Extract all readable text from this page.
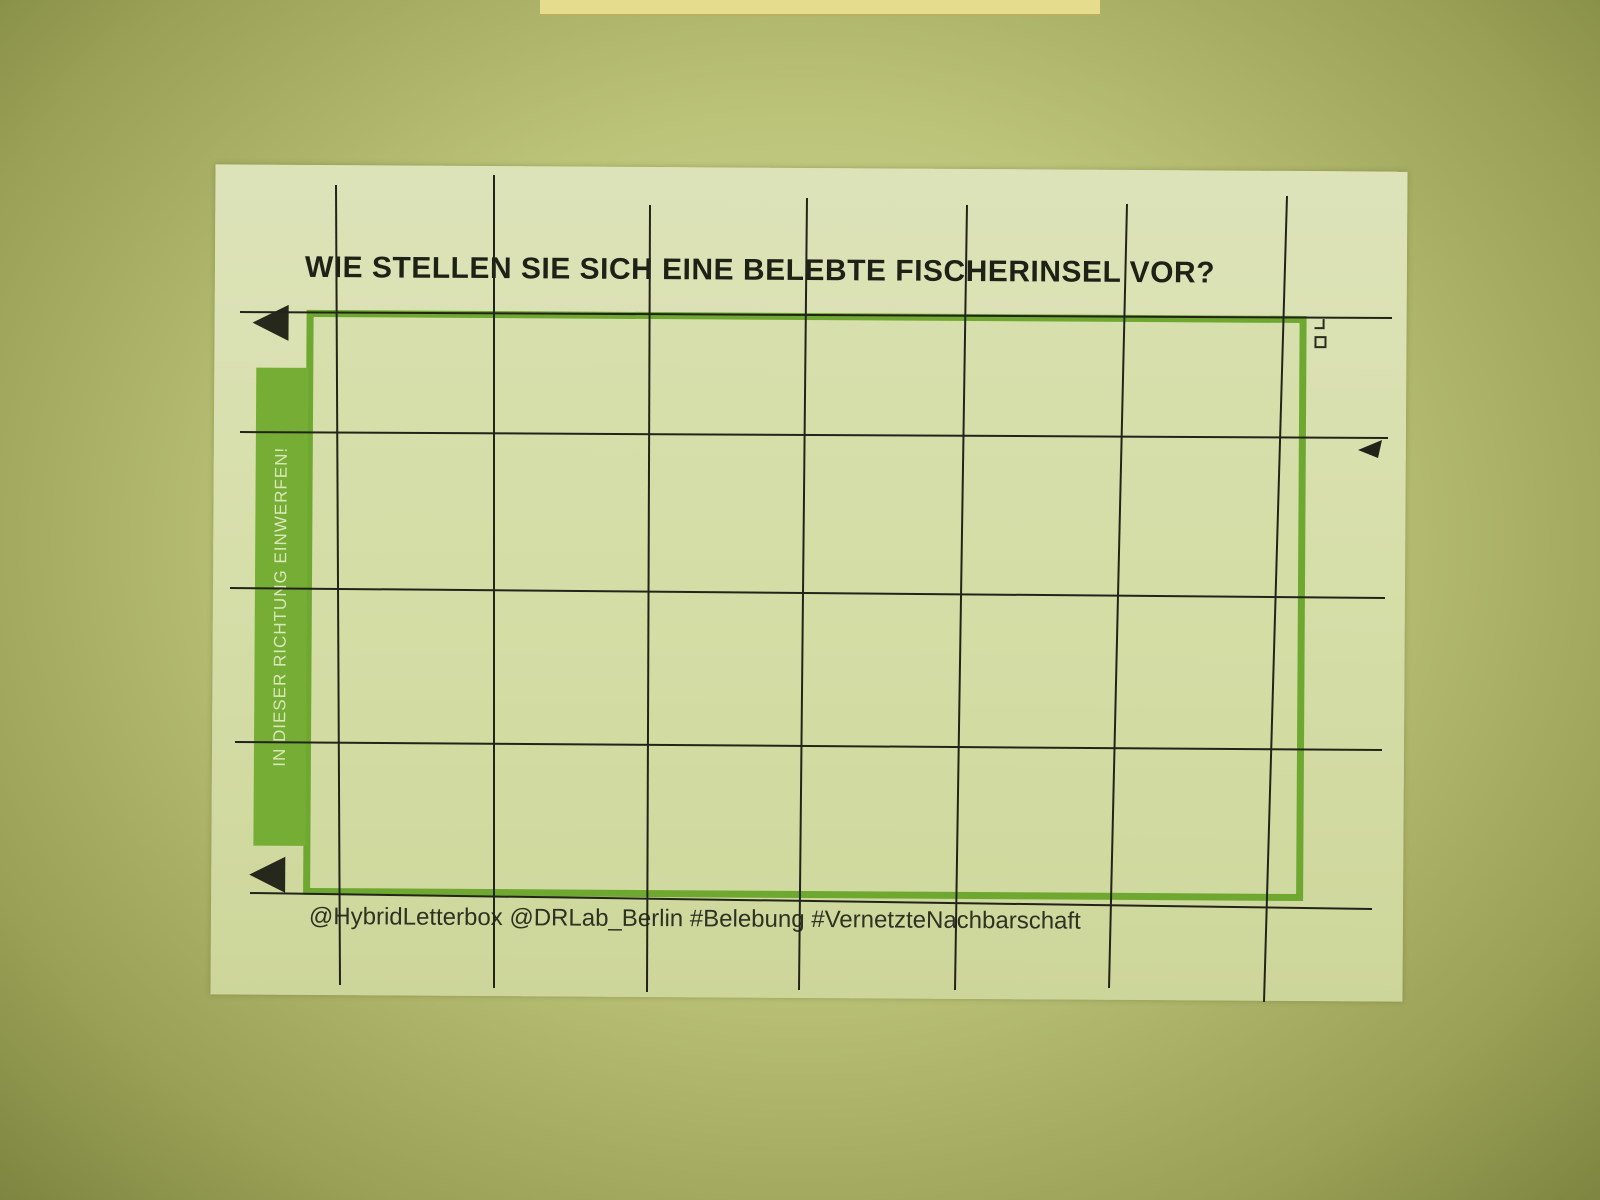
WIE STELLEN SIE SICH EINE BELEBTE FISCHERINSEL VOR?
IN DIESER RICHTUNG EINWERFEN!

@HybridLetterbox @DRLab_Berlin #Belebung #VernetzteNachbarschaft
